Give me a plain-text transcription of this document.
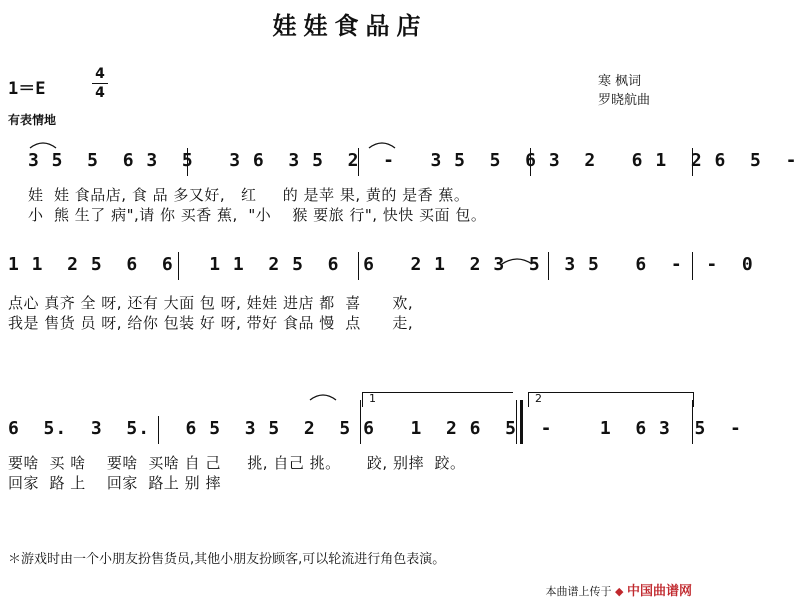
娃娃食品店
1＝E
4
4
有表情地
寒 枫词
罗晓航曲
3 5  5  6 3  5   3 6  3 5  2  -   3 5  5  6 3  2   6 1  2 6  5  -
娃  娃 食品店, 食 品 多又好,   红     的 是苹 果, 黄的 是香 蕉。
小  熊 生了 病",请 你 买香 蕉,  "小    猴 要旅 行", 快快 买面 包。
1 1  2 5  6  6   1 1  2 5  6  6   2 1  2 3  5  3 5   6  -  -  0
点心 真齐 全 呀, 还有 大面 包 呀, 娃娃 进店 都  喜      欢,
我是 售货 员 呀, 给你 包装 好 呀, 带好 食品 慢  点      走,
1	2
6  5.  3  5.   6 5  3 5  2  5 6   1  2 6  5  -    1  6 3  5  -
要啥  买 啥    要啥  买啥 自 己     挑, 自己 挑。     跤, 别摔  跤。
回家  路 上    回家  路上 别 摔
＊游戏时由一个小朋友扮售货员,其他小朋友扮顾客,可以轮流进行角色表演。
本曲谱上传于 ◆ 中国曲谱网
